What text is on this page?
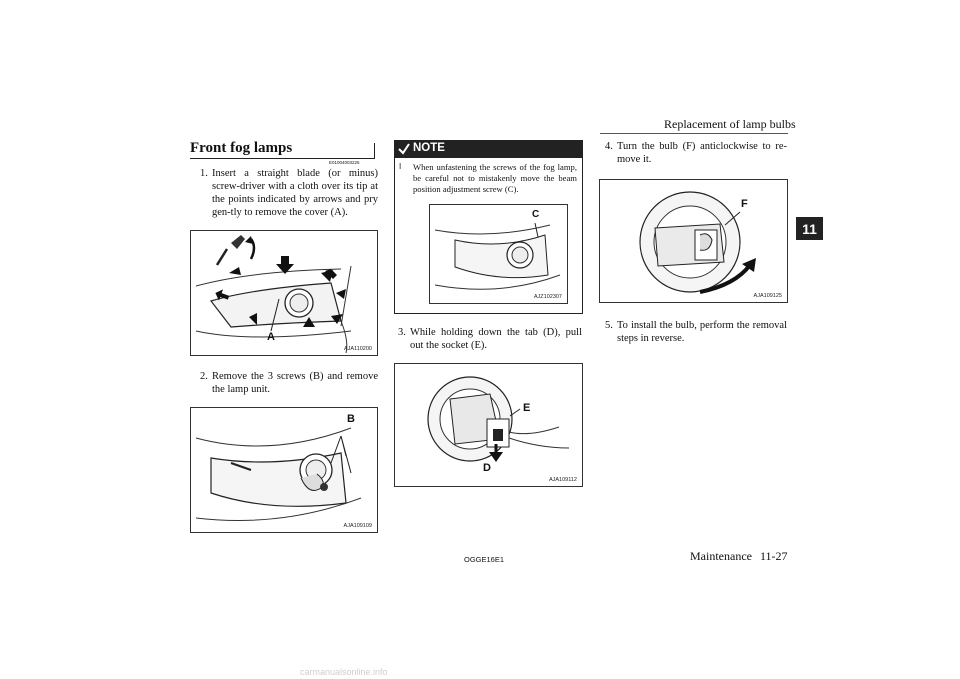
Replacement of lamp bulbs
11
Front fog lamps
E01004003225
1. Insert a straight blade (or minus) screw-driver with a cloth over its tip at the points indicated by arrows and pry gen-tly to remove the cover (A).
A
AJA110200
2. Remove the 3 screws (B) and remove the lamp unit.
B
AJA109109
NOTE
l When unfastening the screws of the fog lamp, be careful not to mistakenly move the beam position adjustment screw (C).
C
AJZ102307
3. While holding down the tab (D), pull out the socket (E).
E
D
AJA109112
4. Turn the bulb (F) anticlockwise to re-move it.
F
AJA109125
5. To install the bulb, perform the removal steps in reverse.
OGGE16E1	Maintenance 11-27
carmanualsonline.info
